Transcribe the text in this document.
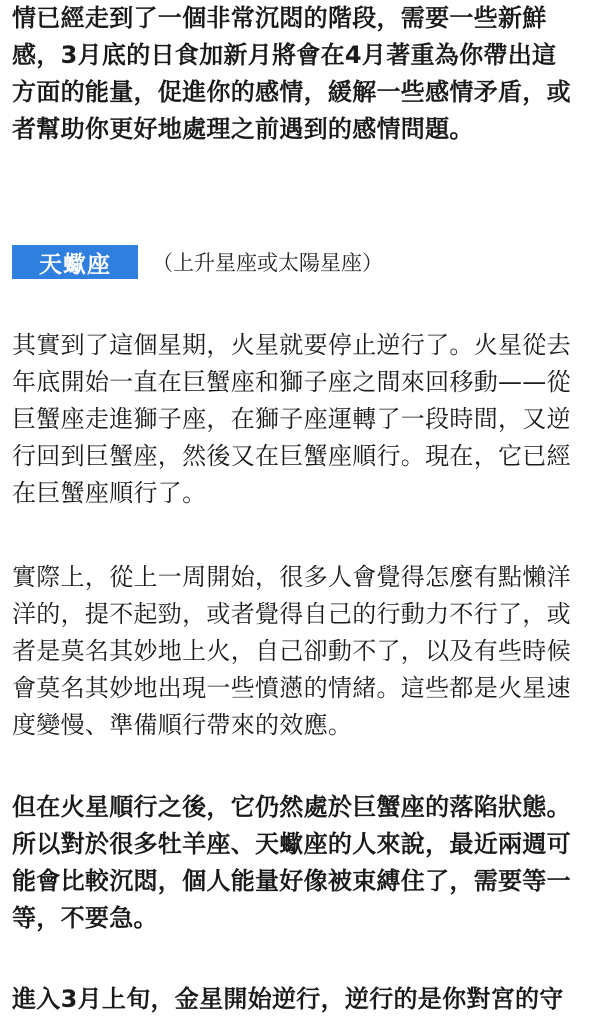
情已經走到了一個非常沉悶的階段，需要一些新鮮
感，3月底的日食加新月將會在4月著重為你帶出這
方面的能量，促進你的感情，緩解一些感情矛盾，或
者幫助你更好地處理之前遇到的感情問題。
天蠍座	（上升星座或太陽星座）
其實到了這個星期，火星就要停止逆行了。火星從去
年底開始一直在巨蟹座和獅子座之間來回移動——從
巨蟹座走進獅子座，在獅子座運轉了一段時間，又逆
行回到巨蟹座，然後又在巨蟹座順行。現在，它已經
在巨蟹座順行了。
實際上，從上一周開始，很多人會覺得怎麼有點懶洋
洋的，提不起勁，或者覺得自己的行動力不行了，或
者是莫名其妙地上火，自己卻動不了，以及有些時候
會莫名其妙地出現一些憤懣的情緒。這些都是火星速
度變慢、準備順行帶來的效應。
但在火星順行之後，它仍然處於巨蟹座的落陷狀態。
所以對於很多牡羊座、天蠍座的人來說，最近兩週可
能會比較沉悶，個人能量好像被束縛住了，需要等一
等，不要急。
進入3月上旬，金星開始逆行，逆行的是你對宮的守
